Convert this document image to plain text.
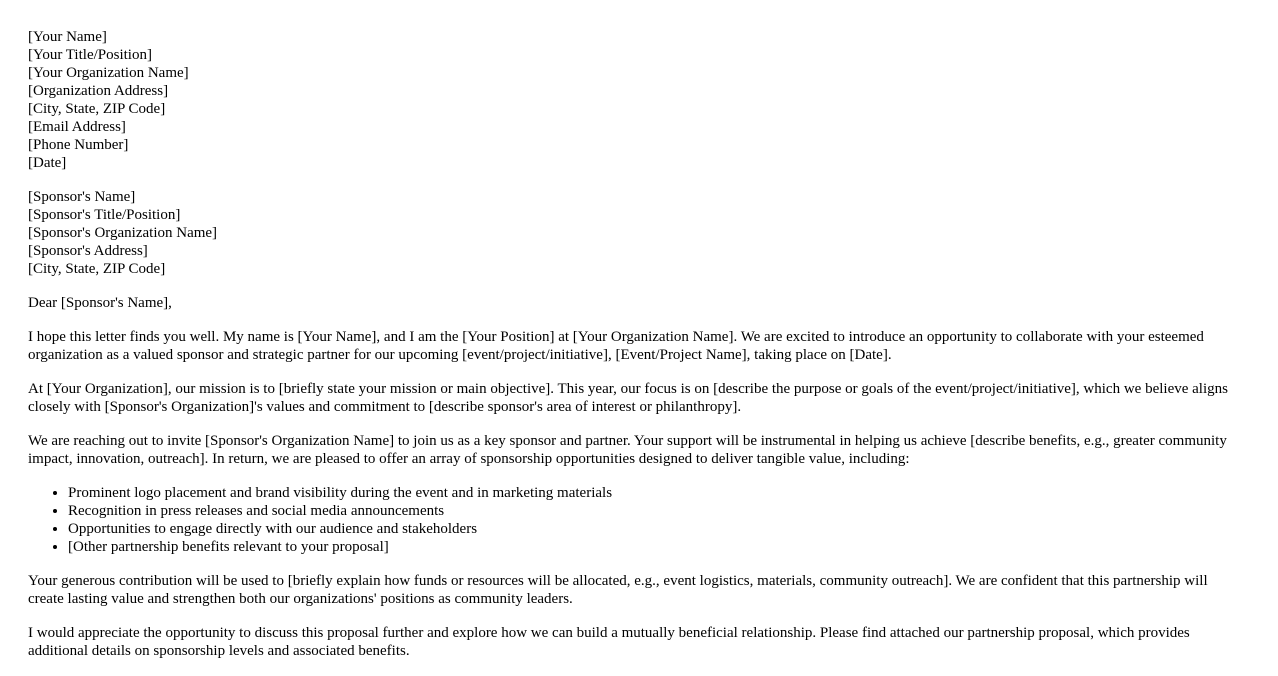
[Your Name]
[Your Title/Position]
[Your Organization Name]
[Organization Address]
[City, State, ZIP Code]
[Email Address]
[Phone Number]
[Date]
[Sponsor's Name]
[Sponsor's Title/Position]
[Sponsor's Organization Name]
[Sponsor's Address]
[City, State, ZIP Code]

Dear [Sponsor's Name],

I hope this letter finds you well. My name is [Your Name], and I am the [Your Position] at [Your Organization Name]. We are excited to introduce an opportunity to collaborate with your esteemed organization as a valued sponsor and strategic partner for our upcoming [event/project/initiative], [Event/Project Name], taking place on [Date].

At [Your Organization], our mission is to [briefly state your mission or main objective]. This year, our focus is on [describe the purpose or goals of the event/project/initiative], which we believe aligns closely with [Sponsor's Organization]'s values and commitment to [describe sponsor's area of interest or philanthropy].

We are reaching out to invite [Sponsor's Organization Name] to join us as a key sponsor and partner. Your support will be instrumental in helping us achieve [describe benefits, e.g., greater community impact, innovation, outreach]. In return, we are pleased to offer an array of sponsorship opportunities designed to deliver tangible value, including:

• Prominent logo placement and brand visibility during the event and in marketing materials
• Recognition in press releases and social media announcements
• Opportunities to engage directly with our audience and stakeholders
• [Other partnership benefits relevant to your proposal]

Your generous contribution will be used to [briefly explain how funds or resources will be allocated, e.g., event logistics, materials, community outreach]. We are confident that this partnership will create lasting value and strengthen both our organizations' positions as community leaders.

I would appreciate the opportunity to discuss this proposal further and explore how we can build a mutually beneficial relationship. Please find attached our partnership proposal, which provides additional details on sponsorship levels and associated benefits.
